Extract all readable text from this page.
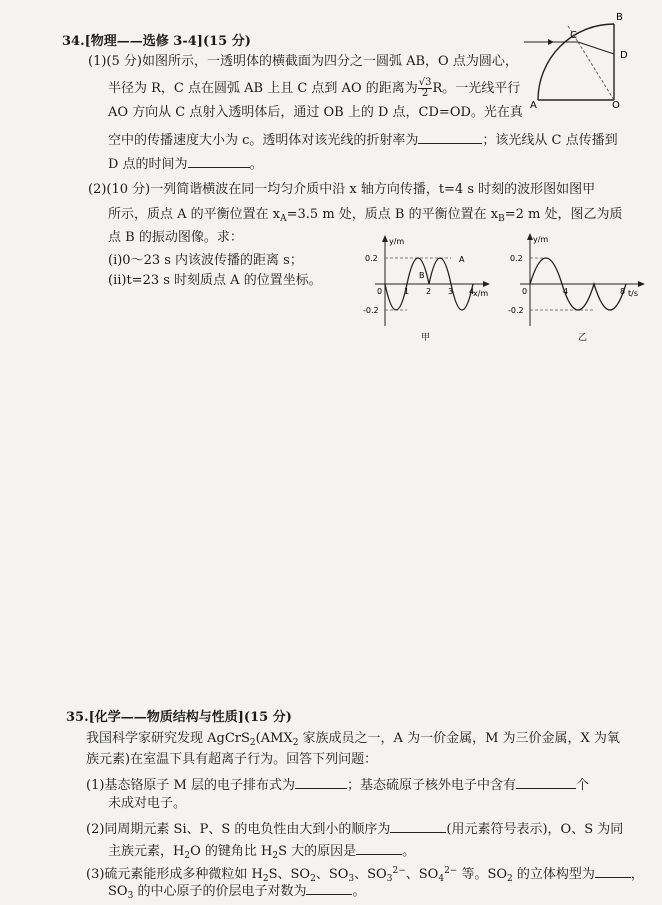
34.[物理——选修 3-4](15 分)
(1)(5 分)如图所示，一透明体的横截面为四分之一圆弧 AB，O 点为圆心，
半径为 R，C 点在圆弧 AB 上且 C 点到 AO 的距离为 $\frac{√3}{2}$ R。一光线平行
AO 方向从 C 点射入透明体后，通过 OB 上的 D 点，CD=OD。光在真
空中的传播速度大小为 c。透明体对该光线的折射率为	；该光线从 C 点传播到
D 点的时间为	。
C
B
D
A	O
(2)(10 分)一列简谐横波在同一均匀介质中沿 x 轴方向传播，t=4 s 时刻的波形图如图甲
所示，质点 A 的平衡位置在 $x_A=3.5$ m 处，质点 B 的平衡位置在 $x_B=2$ m 处，图乙为质
点 B 的振动图像。求：
(ⅰ)0～23 s 内该波传播的距离 s；
(ⅱ)t=23 s 时刻质点 A 的位置坐标。
y/m
x/m
0.2
0
-0.2
1 2 3 4
B
A
甲
y/m
t/s
0.2
0
-0.2
4	8
乙
35.[化学——物质结构与性质](15 分)
我国科学家研究发现 $AgCrS_2(AMX_2$ 家族成员之一，A 为一价金属，M 为三价金属，X 为氧
族元素)在室温下具有超离子行为。回答下列问题：
(1)基态铬原子 M 层的电子排布式为	；基态硫原子核外电子中含有	个
未成对电子。
(2)同周期元素 Si、P、S 的电负性由大到小的顺序为	(用元素符号表示)，O、S 为同
主族元素，$H_2O$ 的键角比 $H_2S$ 大的原因是	。
(3)硫元素能形成多种微粒如 $H_2S$、$SO_2$、$SO_3$、$SO_3^{2-}$、$SO_4^{2-}$ 等。$SO_2$ 的立体构型为	，
$SO_3$ 的中心原子的价层电子对数为	。
